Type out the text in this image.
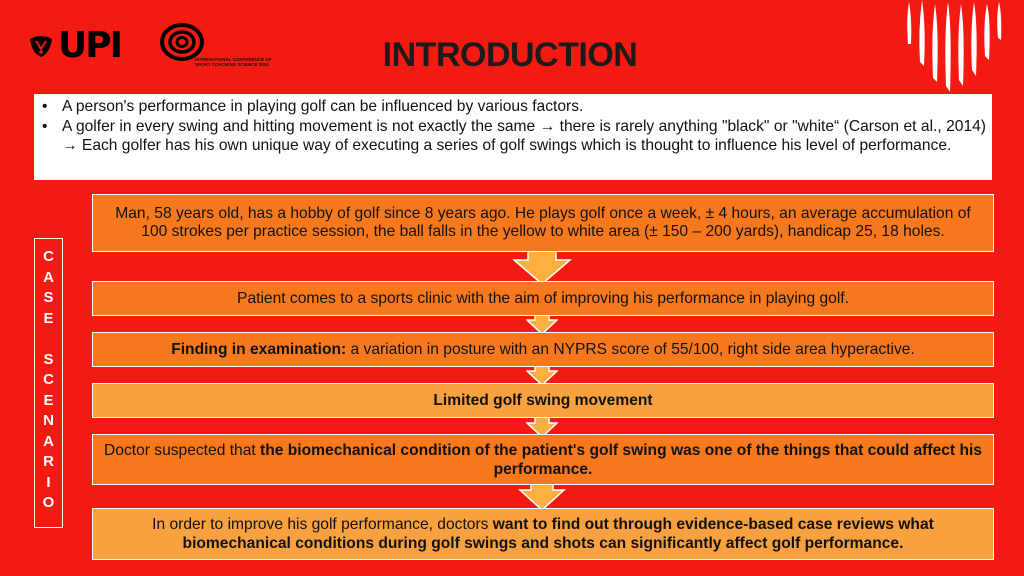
UPI	INTERNATIONAL CONFERENCE OF SPORT COACHING SCIENCE 2024	INTRODUCTION
• A person's performance in playing golf can be influenced by various factors.
• A golfer in every swing and hitting movement is not exactly the same → there is rarely anything "black" or "white“ (Carson et al., 2014) → Each golfer has his own unique way of executing a series of golf swings which is thought to influence his level of performance.
C
A
S
E
S
C
E
N
A
R
I
O
Man, 58 years old, has a hobby of golf since 8 years ago. He plays golf once a week, ± 4 hours, an average accumulation of 100 strokes per practice session, the ball falls in the yellow to white area (± 150 – 200 yards), handicap 25, 18 holes.
Patient comes to a sports clinic with the aim of improving his performance in playing golf.
Finding in examination: a variation in posture with an NYPRS score of 55/100, right side area hyperactive.
Limited golf swing movement
Doctor suspected that the biomechanical condition of the patient's golf swing was one of the things that could affect his performance.
In order to improve his golf performance, doctors want to find out through evidence-based case reviews what biomechanical conditions during golf swings and shots can significantly affect golf performance.
